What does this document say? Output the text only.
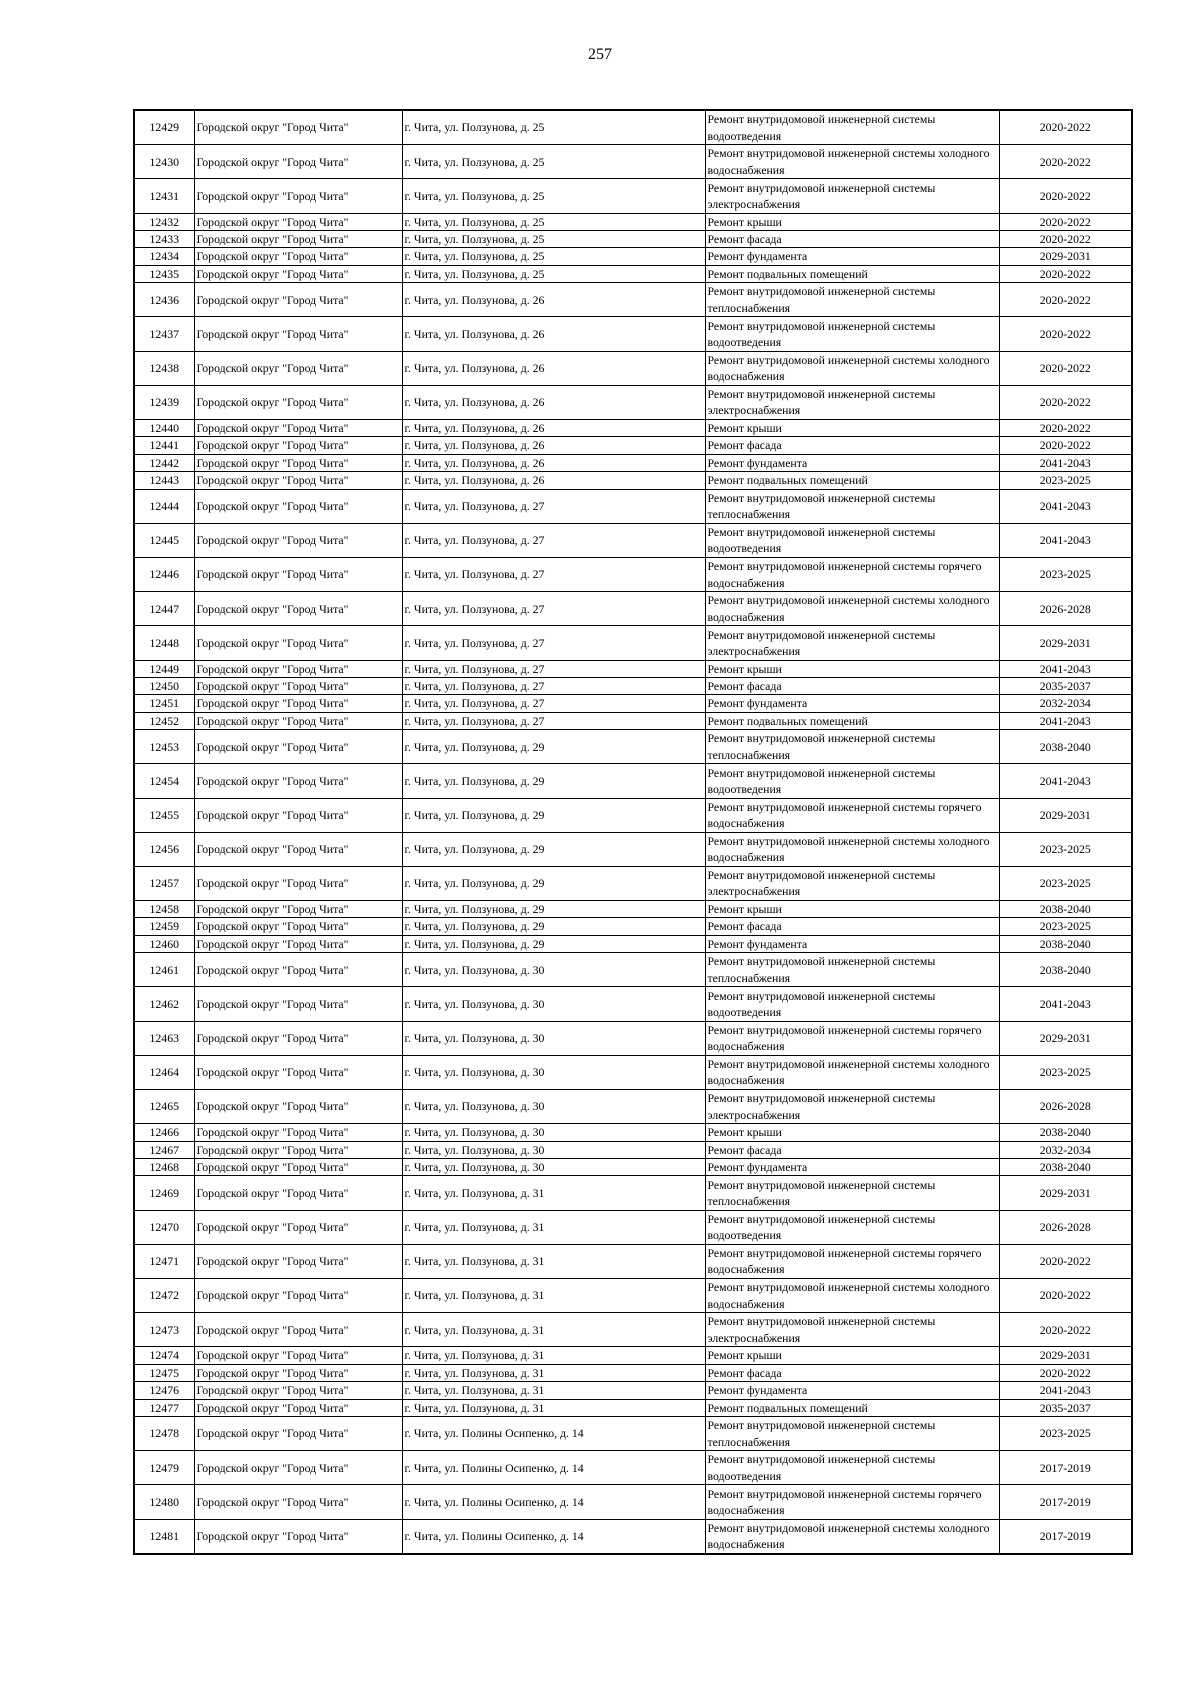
257
12429	Городской округ "Город Чита"	г. Чита, ул. Ползунова, д. 25	Ремонт внутридомовой инженерной системы водоотведения	2020-2022
12430	Городской округ "Город Чита"	г. Чита, ул. Ползунова, д. 25	Ремонт внутридомовой инженерной системы холодного водоснабжения	2020-2022
12431	Городской округ "Город Чита"	г. Чита, ул. Ползунова, д. 25	Ремонт внутридомовой инженерной системы электроснабжения	2020-2022
12432	Городской округ "Город Чита"	г. Чита, ул. Ползунова, д. 25	Ремонт крыши	2020-2022
12433	Городской округ "Город Чита"	г. Чита, ул. Ползунова, д. 25	Ремонт фасада	2020-2022
12434	Городской округ "Город Чита"	г. Чита, ул. Ползунова, д. 25	Ремонт фундамента	2029-2031
12435	Городской округ "Город Чита"	г. Чита, ул. Ползунова, д. 25	Ремонт подвальных помещений	2020-2022
12436	Городской округ "Город Чита"	г. Чита, ул. Ползунова, д. 26	Ремонт внутридомовой инженерной системы теплоснабжения	2020-2022
12437	Городской округ "Город Чита"	г. Чита, ул. Ползунова, д. 26	Ремонт внутридомовой инженерной системы водоотведения	2020-2022
12438	Городской округ "Город Чита"	г. Чита, ул. Ползунова, д. 26	Ремонт внутридомовой инженерной системы холодного водоснабжения	2020-2022
12439	Городской округ "Город Чита"	г. Чита, ул. Ползунова, д. 26	Ремонт внутридомовой инженерной системы электроснабжения	2020-2022
12440	Городской округ "Город Чита"	г. Чита, ул. Ползунова, д. 26	Ремонт крыши	2020-2022
12441	Городской округ "Город Чита"	г. Чита, ул. Ползунова, д. 26	Ремонт фасада	2020-2022
12442	Городской округ "Город Чита"	г. Чита, ул. Ползунова, д. 26	Ремонт фундамента	2041-2043
12443	Городской округ "Город Чита"	г. Чита, ул. Ползунова, д. 26	Ремонт подвальных помещений	2023-2025
12444	Городской округ "Город Чита"	г. Чита, ул. Ползунова, д. 27	Ремонт внутридомовой инженерной системы теплоснабжения	2041-2043
12445	Городской округ "Город Чита"	г. Чита, ул. Ползунова, д. 27	Ремонт внутридомовой инженерной системы водоотведения	2041-2043
12446	Городской округ "Город Чита"	г. Чита, ул. Ползунова, д. 27	Ремонт внутридомовой инженерной системы горячего водоснабжения	2023-2025
12447	Городской округ "Город Чита"	г. Чита, ул. Ползунова, д. 27	Ремонт внутридомовой инженерной системы холодного водоснабжения	2026-2028
12448	Городской округ "Город Чита"	г. Чита, ул. Ползунова, д. 27	Ремонт внутридомовой инженерной системы электроснабжения	2029-2031
12449	Городской округ "Город Чита"	г. Чита, ул. Ползунова, д. 27	Ремонт крыши	2041-2043
12450	Городской округ "Город Чита"	г. Чита, ул. Ползунова, д. 27	Ремонт фасада	2035-2037
12451	Городской округ "Город Чита"	г. Чита, ул. Ползунова, д. 27	Ремонт фундамента	2032-2034
12452	Городской округ "Город Чита"	г. Чита, ул. Ползунова, д. 27	Ремонт подвальных помещений	2041-2043
12453	Городской округ "Город Чита"	г. Чита, ул. Ползунова, д. 29	Ремонт внутридомовой инженерной системы теплоснабжения	2038-2040
12454	Городской округ "Город Чита"	г. Чита, ул. Ползунова, д. 29	Ремонт внутридомовой инженерной системы водоотведения	2041-2043
12455	Городской округ "Город Чита"	г. Чита, ул. Ползунова, д. 29	Ремонт внутридомовой инженерной системы горячего водоснабжения	2029-2031
12456	Городской округ "Город Чита"	г. Чита, ул. Ползунова, д. 29	Ремонт внутридомовой инженерной системы холодного водоснабжения	2023-2025
12457	Городской округ "Город Чита"	г. Чита, ул. Ползунова, д. 29	Ремонт внутридомовой инженерной системы электроснабжения	2023-2025
12458	Городской округ "Город Чита"	г. Чита, ул. Ползунова, д. 29	Ремонт крыши	2038-2040
12459	Городской округ "Город Чита"	г. Чита, ул. Ползунова, д. 29	Ремонт фасада	2023-2025
12460	Городской округ "Город Чита"	г. Чита, ул. Ползунова, д. 29	Ремонт фундамента	2038-2040
12461	Городской округ "Город Чита"	г. Чита, ул. Ползунова, д. 30	Ремонт внутридомовой инженерной системы теплоснабжения	2038-2040
12462	Городской округ "Город Чита"	г. Чита, ул. Ползунова, д. 30	Ремонт внутридомовой инженерной системы водоотведения	2041-2043
12463	Городской округ "Город Чита"	г. Чита, ул. Ползунова, д. 30	Ремонт внутридомовой инженерной системы горячего водоснабжения	2029-2031
12464	Городской округ "Город Чита"	г. Чита, ул. Ползунова, д. 30	Ремонт внутридомовой инженерной системы холодного водоснабжения	2023-2025
12465	Городской округ "Город Чита"	г. Чита, ул. Ползунова, д. 30	Ремонт внутридомовой инженерной системы электроснабжения	2026-2028
12466	Городской округ "Город Чита"	г. Чита, ул. Ползунова, д. 30	Ремонт крыши	2038-2040
12467	Городской округ "Город Чита"	г. Чита, ул. Ползунова, д. 30	Ремонт фасада	2032-2034
12468	Городской округ "Город Чита"	г. Чита, ул. Ползунова, д. 30	Ремонт фундамента	2038-2040
12469	Городской округ "Город Чита"	г. Чита, ул. Ползунова, д. 31	Ремонт внутридомовой инженерной системы теплоснабжения	2029-2031
12470	Городской округ "Город Чита"	г. Чита, ул. Ползунова, д. 31	Ремонт внутридомовой инженерной системы водоотведения	2026-2028
12471	Городской округ "Город Чита"	г. Чита, ул. Ползунова, д. 31	Ремонт внутридомовой инженерной системы горячего водоснабжения	2020-2022
12472	Городской округ "Город Чита"	г. Чита, ул. Ползунова, д. 31	Ремонт внутридомовой инженерной системы холодного водоснабжения	2020-2022
12473	Городской округ "Город Чита"	г. Чита, ул. Ползунова, д. 31	Ремонт внутридомовой инженерной системы электроснабжения	2020-2022
12474	Городской округ "Город Чита"	г. Чита, ул. Ползунова, д. 31	Ремонт крыши	2029-2031
12475	Городской округ "Город Чита"	г. Чита, ул. Ползунова, д. 31	Ремонт фасада	2020-2022
12476	Городской округ "Город Чита"	г. Чита, ул. Ползунова, д. 31	Ремонт фундамента	2041-2043
12477	Городской округ "Город Чита"	г. Чита, ул. Ползунова, д. 31	Ремонт подвальных помещений	2035-2037
12478	Городской округ "Город Чита"	г. Чита, ул. Полины Осипенко, д. 14	Ремонт внутридомовой инженерной системы теплоснабжения	2023-2025
12479	Городской округ "Город Чита"	г. Чита, ул. Полины Осипенко, д. 14	Ремонт внутридомовой инженерной системы водоотведения	2017-2019
12480	Городской округ "Город Чита"	г. Чита, ул. Полины Осипенко, д. 14	Ремонт внутридомовой инженерной системы горячего водоснабжения	2017-2019
12481	Городской округ "Город Чита"	г. Чита, ул. Полины Осипенко, д. 14	Ремонт внутридомовой инженерной системы холодного водоснабжения	2017-2019
